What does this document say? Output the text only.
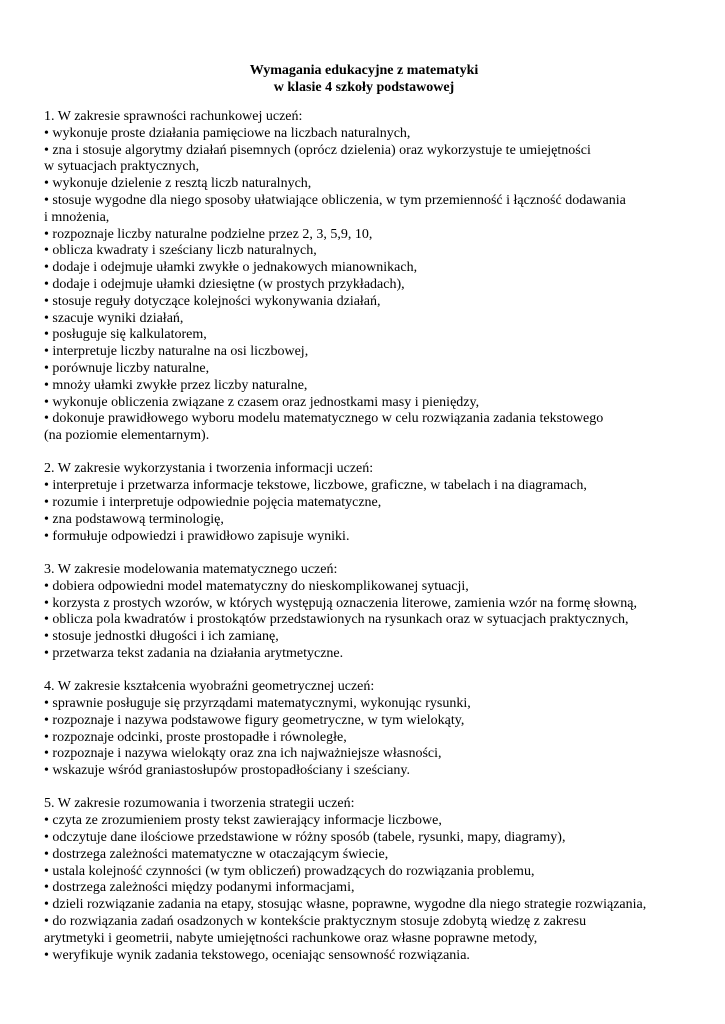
Wymagania edukacyjne z matematyki

w klasie 4 szkoły podstawowej

1. W zakresie sprawności rachunkowej uczeń:

• wykonuje proste działania pamięciowe na liczbach naturalnych,
• zna i stosuje algorytmy działań pisemnych (oprócz dzielenia) oraz wykorzystuje te umiejętności
w sytuacjach praktycznych,
• wykonuje dzielenie z resztą liczb naturalnych,
• stosuje wygodne dla niego sposoby ułatwiające obliczenia, w tym przemienność i łączność dodawania
i mnożenia,
• rozpoznaje liczby naturalne podzielne przez 2, 3, 5,9, 10,
• oblicza kwadraty i sześciany liczb naturalnych,
• dodaje i odejmuje ułamki zwykłe o jednakowych mianownikach,
• dodaje i odejmuje ułamki dziesiętne (w prostych przykładach),
• stosuje reguły dotyczące kolejności wykonywania działań,
• szacuje wyniki działań,
• posługuje się kalkulatorem,
• interpretuje liczby naturalne na osi liczbowej,
• porównuje liczby naturalne,
• mnoży ułamki zwykłe przez liczby naturalne,
• wykonuje obliczenia związane z czasem oraz jednostkami masy i pieniędzy,
• dokonuje prawidłowego wyboru modelu matematycznego w celu rozwiązania zadania tekstowego
(na poziomie elementarnym).

2. W zakresie wykorzystania i tworzenia informacji uczeń:

• interpretuje i przetwarza informacje tekstowe, liczbowe, graficzne, w tabelach i na diagramach,
• rozumie i interpretuje odpowiednie pojęcia matematyczne,
• zna podstawową terminologię,
• formułuje odpowiedzi i prawidłowo zapisuje wyniki.

3. W zakresie modelowania matematycznego uczeń:

• dobiera odpowiedni model matematyczny do nieskomplikowanej sytuacji,
• korzysta z prostych wzorów, w których występują oznaczenia literowe, zamienia wzór na formę słowną,
• oblicza pola kwadratów i prostokątów przedstawionych na rysunkach oraz w sytuacjach praktycznych,
• stosuje jednostki długości i ich zamianę,
• przetwarza tekst zadania na działania arytmetyczne.

4. W zakresie kształcenia wyobraźni geometrycznej uczeń:

• sprawnie posługuje się przyrządami matematycznymi, wykonując rysunki,
• rozpoznaje i nazywa podstawowe figury geometryczne, w tym wielokąty,
• rozpoznaje odcinki, proste prostopadłe i równoległe,
• rozpoznaje i nazywa wielokąty oraz zna ich najważniejsze własności,
• wskazuje wśród graniastosłupów prostopadłościany i sześciany.

5. W zakresie rozumowania i tworzenia strategii uczeń:

• czyta ze zrozumieniem prosty tekst zawierający informacje liczbowe,
• odczytuje dane ilościowe przedstawione w różny sposób (tabele, rysunki, mapy, diagramy),
• dostrzega zależności matematyczne w otaczającym świecie,
• ustala kolejność czynności (w tym obliczeń) prowadzących do rozwiązania problemu,
• dostrzega zależności między podanymi informacjami,
• dzieli rozwiązanie zadania na etapy, stosując własne, poprawne, wygodne dla niego strategie rozwiązania,
• do rozwiązania zadań osadzonych w kontekście praktycznym stosuje zdobytą wiedzę z zakresu
arytmetyki i geometrii, nabyte umiejętności rachunkowe oraz własne poprawne metody,
• weryfikuje wynik zadania tekstowego, oceniając sensowność rozwiązania.
